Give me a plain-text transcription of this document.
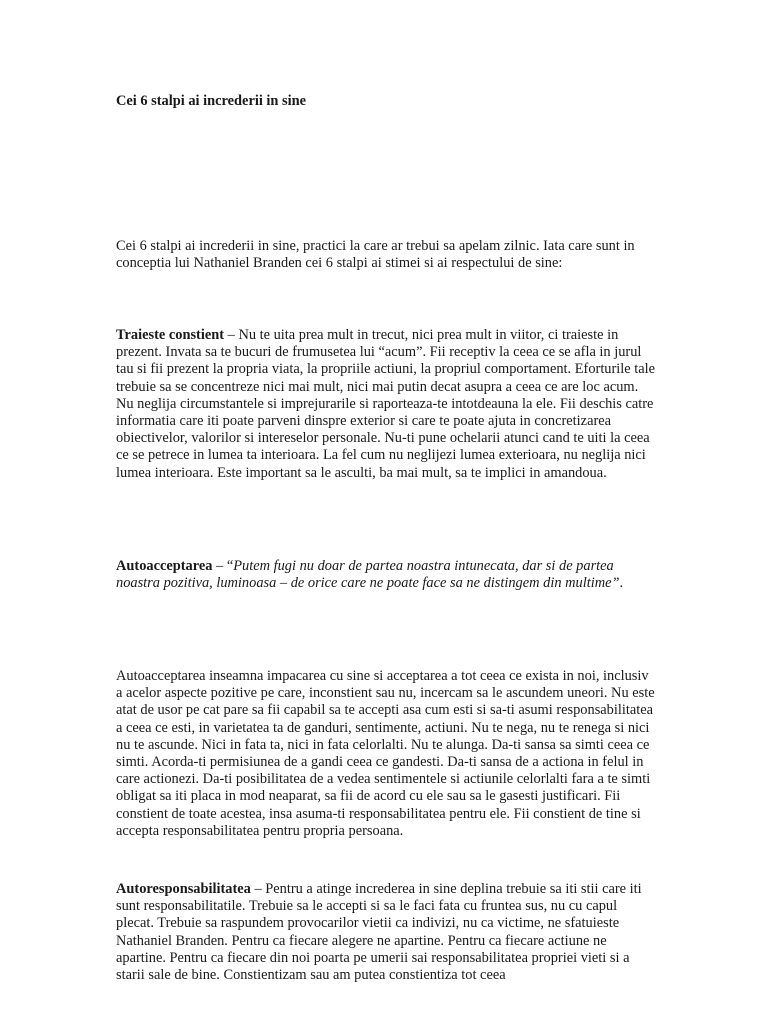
Cei 6 stalpi ai increderii in sine

Cei 6 stalpi ai increderii in sine, practici la care ar trebui sa apelam zilnic. Iata care sunt in conceptia lui Nathaniel Branden cei 6 stalpi ai stimei si ai respectului de sine:

Traieste constient – Nu te uita prea mult in trecut, nici prea mult in viitor, ci traieste in prezent. Invata sa te bucuri de frumusetea lui “acum”. Fii receptiv la ceea ce se afla in jurul tau si fii prezent la propria viata, la propriile actiuni, la propriul comportament. Eforturile tale trebuie sa se concentreze nici mai mult, nici mai putin decat asupra a ceea ce are loc acum. Nu neglija circumstantele si imprejurarile si raporteaza-te intotdeauna la ele. Fii deschis catre informatia care iti poate parveni dinspre exterior si care te poate ajuta in concretizarea obiectivelor, valorilor si intereselor personale. Nu-ti pune ochelarii atunci cand te uiti la ceea ce se petrece in lumea ta interioara. La fel cum nu neglijezi lumea exterioara, nu neglija nici lumea interioara. Este important sa le asculti, ba mai mult, sa te implici in amandoua.

Autoacceptarea – “Putem fugi nu doar de partea noastra intunecata, dar si de partea noastra pozitiva, luminoasa – de orice care ne poate face sa ne distingem din multime”.

Autoacceptarea inseamna impacarea cu sine si acceptarea a tot ceea ce exista in noi, inclusiv a acelor aspecte pozitive pe care, inconstient sau nu, incercam sa le ascundem uneori. Nu este atat de usor pe cat pare sa fii capabil sa te accepti asa cum esti si sa-ti asumi responsabilitatea a ceea ce esti, in varietatea ta de ganduri, sentimente, actiuni. Nu te nega, nu te renega si nici nu te ascunde. Nici in fata ta, nici in fata celorlalti. Nu te alunga. Da-ti sansa sa simti ceea ce simti. Acorda-ti permisiunea de a gandi ceea ce gandesti. Da-ti sansa de a actiona in felul in care actionezi. Da-ti posibilitatea de a vedea sentimentele si actiunile celorlalti fara a te simti obligat sa iti placa in mod neaparat, sa fii de acord cu ele sau sa le gasesti justificari. Fii constient de toate acestea, insa asuma-ti responsabilitatea pentru ele. Fii constient de tine si accepta responsabilitatea pentru propria persoana.

Autoresponsabilitatea – Pentru a atinge increderea in sine deplina trebuie sa iti stii care iti sunt responsabilitatile. Trebuie sa le accepti si sa le faci fata cu fruntea sus, nu cu capul plecat. Trebuie sa raspundem provocarilor vietii ca indivizi, nu ca victime, ne sfatuieste Nathaniel Branden. Pentru ca fiecare alegere ne apartine. Pentru ca fiecare actiune ne apartine. Pentru ca fiecare din noi poarta pe umerii sai responsabilitatea propriei vieti si a starii sale de bine. Constientizam sau am putea constientiza tot ceea
